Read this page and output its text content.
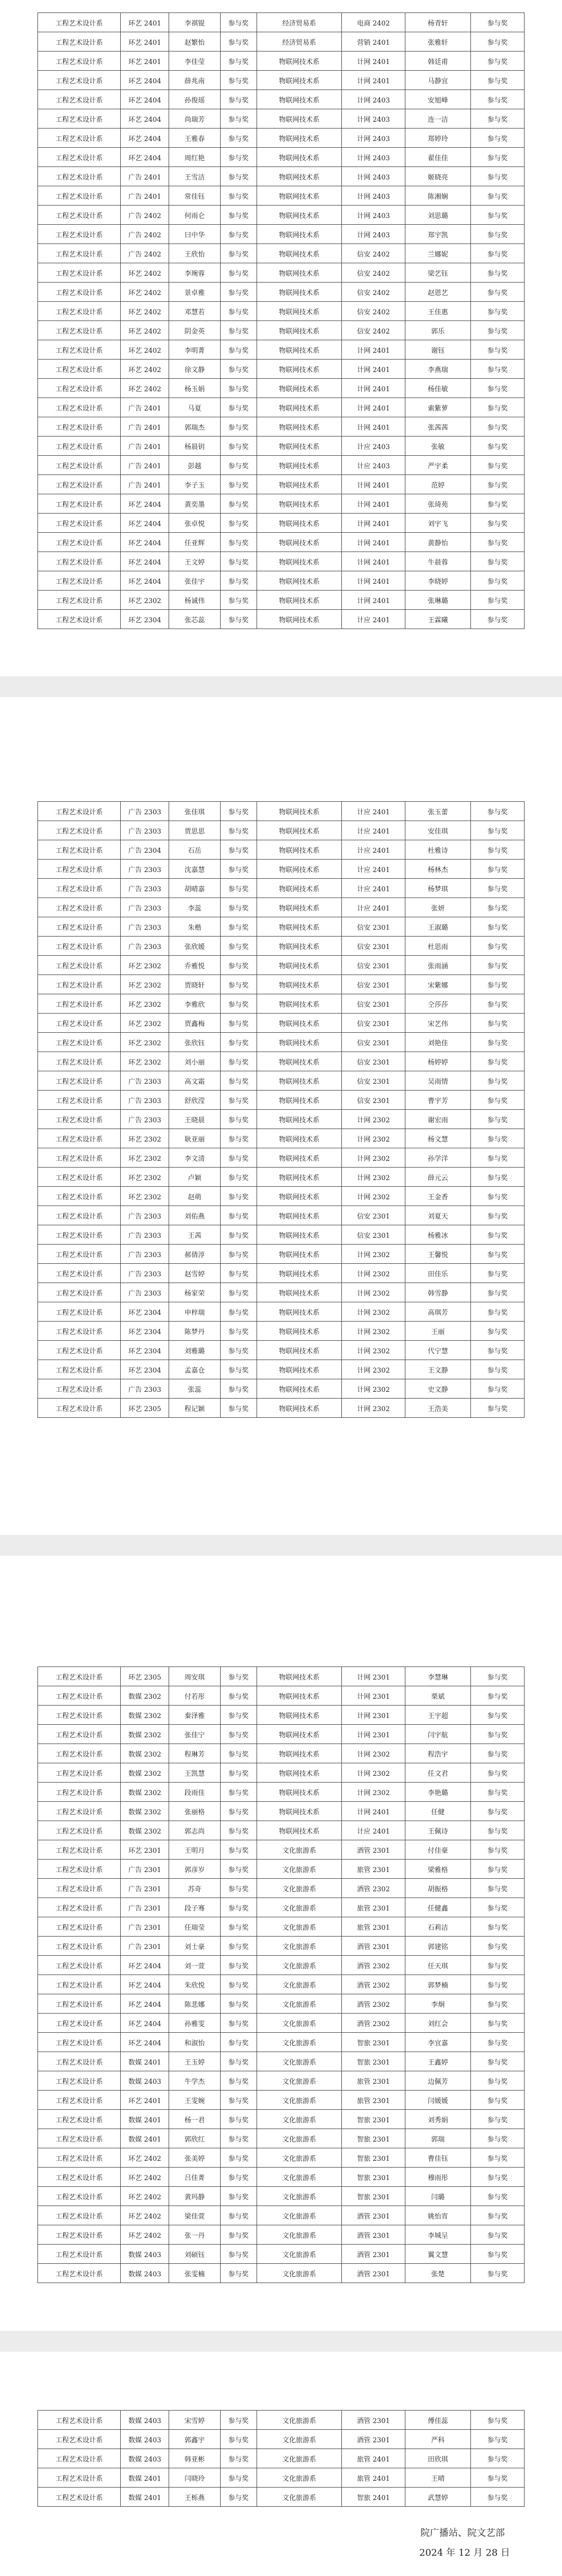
工程艺术设计系	环艺 2401	李祺锟	参与奖	经济贸易系	电商 2402	杨青轩	参与奖
工程艺术设计系	环艺 2401	赵繁怡	参与奖	经济贸易系	营销 2401	张雅轩	参与奖
工程艺术设计系	环艺 2401	李佳莹	参与奖	物联网技术系	计网 2401	韩廷甫	参与奖
工程艺术设计系	环艺 2404	薛兆南	参与奖	物联网技术系	计网 2401	马静宜	参与奖
工程艺术设计系	环艺 2404	孙俊瑶	参与奖	物联网技术系	计网 2403	安旭峰	参与奖
工程艺术设计系	环艺 2404	尚瑞芳	参与奖	物联网技术系	计网 2403	连一洁	参与奖
工程艺术设计系	环艺 2404	王雅春	参与奖	物联网技术系	计网 2403	郑婷玲	参与奖
工程艺术设计系	环艺 2404	周红艳	参与奖	物联网技术系	计网 2403	翟佳佳	参与奖
工程艺术设计系	广告 2401	王雪洁	参与奖	物联网技术系	计网 2403	姬晓亮	参与奖
工程艺术设计系	广告 2401	常佳钰	参与奖	物联网技术系	计网 2403	陈湘娴	参与奖
工程艺术设计系	广告 2402	何雨仑	参与奖	物联网技术系	计网 2403	刘思璐	参与奖
工程艺术设计系	广告 2402	曰中华	参与奖	物联网技术系	计网 2403	郑宇凯	参与奖
工程艺术设计系	广告 2402	王欣怡	参与奖	物联网技术系	信安 2402	兰娜妮	参与奖
工程艺术设计系	环艺 2402	李琬蓉	参与奖	物联网技术系	信安 2402	梁艺钰	参与奖
工程艺术设计系	环艺 2402	景卓雅	参与奖	物联网技术系	信安 2402	赵恩艺	参与奖
工程艺术设计系	环艺 2402	邓慧若	参与奖	物联网技术系	信安 2402	王佳惠	参与奖
工程艺术设计系	环艺 2402	阴金英	参与奖	物联网技术系	信安 2402	郭乐	参与奖
工程艺术设计系	环艺 2402	李明菁	参与奖	物联网技术系	计网 2401	谢钰	参与奖
工程艺术设计系	环艺 2402	徐文静	参与奖	物联网技术系	计网 2401	李燕瑞	参与奖
工程艺术设计系	环艺 2402	杨玉娟	参与奖	物联网技术系	计网 2401	杨佳敏	参与奖
工程艺术设计系	广告 2401	马夏	参与奖	物联网技术系	计网 2401	索紫萝	参与奖
工程艺术设计系	广告 2401	郭瑞杰	参与奖	物联网技术系	计网 2401	张茜茜	参与奖
工程艺术设计系	广告 2401	杨晨钥	参与奖	物联网技术系	计应 2403	张敏	参与奖
工程艺术设计系	广告 2401	彭越	参与奖	物联网技术系	计应 2403	严宇柔	参与奖
工程艺术设计系	广告 2401	李子玉	参与奖	物联网技术系	计网 2401	范婷	参与奖
工程艺术设计系	环艺 2404	黄奕墨	参与奖	物联网技术系	计网 2401	张琦苑	参与奖
工程艺术设计系	环艺 2404	张卓悦	参与奖	物联网技术系	计网 2401	刘宇飞	参与奖
工程艺术设计系	环艺 2404	任亚辉	参与奖	物联网技术系	计网 2401	黄静怡	参与奖
工程艺术设计系	环艺 2404	王文婷	参与奖	物联网技术系	计网 2401	牛晨蓉	参与奖
工程艺术设计系	环艺 2404	张佳宇	参与奖	物联网技术系	计网 2401	李晓婷	参与奖
工程艺术设计系	环艺 2302	杨诚伟	参与奖	物联网技术系	计网 2401	张琳璐	参与奖
工程艺术设计系	环艺 2304	张芯蕊	参与奖	物联网技术系	计应 2401	王霖曦	参与奖
工程艺术设计系	广告 2303	张佳琪	参与奖	物联网技术系	计应 2401	张玉蕾	参与奖
工程艺术设计系	广告 2303	贾思思	参与奖	物联网技术系	计应 2401	安佳琪	参与奖
工程艺术设计系	广告 2304	石岳	参与奖	物联网技术系	计应 2401	杜雅诗	参与奖
工程艺术设计系	广告 2303	沈嘉慧	参与奖	物联网技术系	计应 2401	杨林杰	参与奖
工程艺术设计系	广告 2303	胡晴嘉	参与奖	物联网技术系	计应 2401	杨梦琪	参与奖
工程艺术设计系	广告 2303	李蕊	参与奖	物联网技术系	计应 2401	张妍	参与奖
工程艺术设计系	广告 2303	朱楷	参与奖	物联网技术系	信安 2301	王淑璐	参与奖
工程艺术设计系	广告 2303	张欣媛	参与奖	物联网技术系	信安 2301	杜思雨	参与奖
工程艺术设计系	环艺 2302	乔雅悦	参与奖	物联网技术系	信安 2301	张雨涵	参与奖
工程艺术设计系	环艺 2302	贾晓轩	参与奖	物联网技术系	信安 2301	宋紫娜	参与奖
工程艺术设计系	环艺 2302	李雅欣	参与奖	物联网技术系	信安 2301	仝莎莎	参与奖
工程艺术设计系	环艺 2302	贾鑫梅	参与奖	物联网技术系	信安 2301	宋艺伟	参与奖
工程艺术设计系	环艺 2302	张欣钰	参与奖	物联网技术系	信安 2301	刘艳佳	参与奖
工程艺术设计系	环艺 2302	刘小丽	参与奖	物联网技术系	信安 2301	杨婷婷	参与奖
工程艺术设计系	广告 2303	高文霜	参与奖	物联网技术系	信安 2301	吴雨情	参与奖
工程艺术设计系	广告 2303	舒欣滢	参与奖	物联网技术系	信安 2301	曹宇芳	参与奖
工程艺术设计系	广告 2303	王晓晨	参与奖	物联网技术系	计网 2302	谢宏雨	参与奖
工程艺术设计系	环艺 2302	耿亚丽	参与奖	物联网技术系	计网 2302	杨文慧	参与奖
工程艺术设计系	环艺 2302	李文清	参与奖	物联网技术系	计网 2302	孙学洋	参与奖
工程艺术设计系	环艺 2302	卢颖	参与奖	物联网技术系	计网 2302	薛元云	参与奖
工程艺术设计系	环艺 2302	赵萌	参与奖	物联网技术系	计网 2302	王金香	参与奖
工程艺术设计系	广告 2303	刘佑燕	参与奖	物联网技术系	信安 2301	刘夏天	参与奖
工程艺术设计系	广告 2303	王茜	参与奖	物联网技术系	信安 2301	杨雅冰	参与奖
工程艺术设计系	广告 2303	郝倩淳	参与奖	物联网技术系	计网 2302	王馨悦	参与奖
工程艺术设计系	广告 2303	赵雪婷	参与奖	物联网技术系	计网 2302	田佳乐	参与奖
工程艺术设计系	广告 2303	杨家荣	参与奖	物联网技术系	计网 2302	韩雪静	参与奖
工程艺术设计系	环艺 2304	申梓瑞	参与奖	物联网技术系	计网 2302	高琪芳	参与奖
工程艺术设计系	环艺 2304	陈梦丹	参与奖	物联网技术系	计网 2302	王丽	参与奖
工程艺术设计系	环艺 2304	刘雅璐	参与奖	物联网技术系	计网 2302	代宁慧	参与奖
工程艺术设计系	环艺 2304	孟嘉仓	参与奖	物联网技术系	计网 2302	王文静	参与奖
工程艺术设计系	广告 2303	张蕊	参与奖	物联网技术系	计网 2302	史文静	参与奖
工程艺术设计系	环艺 2305	程记颖	参与奖	物联网技术系	计网 2302	王浩美	参与奖
工程艺术设计系	环艺 2305	周安琪	参与奖	物联网技术系	计网 2301	李慧琳	参与奖
工程艺术设计系	数媒 2302	付若彤	参与奖	物联网技术系	计网 2301	栗斌	参与奖
工程艺术设计系	数媒 2302	秦泽雅	参与奖	物联网技术系	计网 2301	王宇超	参与奖
工程艺术设计系	数媒 2302	张佳宁	参与奖	物联网技术系	计网 2301	闫宇航	参与奖
工程艺术设计系	数媒 2302	程琳芳	参与奖	物联网技术系	计网 2302	程浩宇	参与奖
工程艺术设计系	数媒 2302	王凯慧	参与奖	物联网技术系	计网 2302	任文君	参与奖
工程艺术设计系	数媒 2302	段雨佳	参与奖	物联网技术系	计网 2302	李艳璐	参与奖
工程艺术设计系	数媒 2302	张丽格	参与奖	物联网技术系	计网 2401	任健	参与奖
工程艺术设计系	数媒 2302	郭志尚	参与奖	物联网技术系	计应 2401	王佩诗	参与奖
工程艺术设计系	环艺 2301	王明月	参与奖	文化旅游系	酒管 2301	付佳豪	参与奖
工程艺术设计系	广告 2301	郭彦岁	参与奖	文化旅游系	旅管 2301	梁雅格	参与奖
工程艺术设计系	广告 2301	苏奇	参与奖	文化旅游系	酒管 2302	胡振格	参与奖
工程艺术设计系	广告 2301	段子骞	参与奖	文化旅游系	旅管 2301	任健鑫	参与奖
工程艺术设计系	广告 2301	任瑞莹	参与奖	文化旅游系	旅管 2301	石莉洁	参与奖
工程艺术设计系	广告 2301	刘士豪	参与奖	文化旅游系	酒管 2301	郭建铭	参与奖
工程艺术设计系	环艺 2404	刘一萱	参与奖	文化旅游系	酒管 2302	任天琪	参与奖
工程艺术设计系	环艺 2404	朱欣悦	参与奖	文化旅游系	酒管 2302	郭梦楠	参与奖
工程艺术设计系	环艺 2404	陈悲娜	参与奖	文化旅游系	酒管 2302	李炯	参与奖
工程艺术设计系	环艺 2404	孙雅雯	参与奖	文化旅游系	酒管 2302	刘红会	参与奖
工程艺术设计系	环艺 2404	和淑怡	参与奖	文化旅游系	智旅 2301	李宜嘉	参与奖
工程艺术设计系	数媒 2401	王玉婷	参与奖	文化旅游系	智旅 2301	王鑫婷	参与奖
工程艺术设计系	数媒 2403	牛学杰	参与奖	文化旅游系	旅管 2301	边佩芳	参与奖
工程艺术设计系	环艺 2401	王雯婉	参与奖	文化旅游系	旅管 2301	闫媛媛	参与奖
工程艺术设计系	数媒 2401	杨一君	参与奖	文化旅游系	智旅 2301	刘秀娟	参与奖
工程艺术设计系	数媒 2401	郭欣红	参与奖	文化旅游系	智旅 2301	郭瑞	参与奖
工程艺术设计系	环艺 2402	张美婷	参与奖	文化旅游系	智旅 2301	曹佳钰	参与奖
工程艺术设计系	环艺 2402	吕佳菁	参与奖	文化旅游系	智旅 2301	穆雨彤	参与奖
工程艺术设计系	环艺 2402	黄玛静	参与奖	文化旅游系	智旅 2301	闫璐	参与奖
工程艺术设计系	环艺 2402	梁佳萱	参与奖	文化旅游系	酒管 2301	姚怡宵	参与奖
工程艺术设计系	环艺 2402	张一丹	参与奖	文化旅游系	酒管 2301	李城呈	参与奖
工程艺术设计系	数媒 2403	刘硕钰	参与奖	文化旅游系	酒管 2301	翼文慧	参与奖
工程艺术设计系	数媒 2403	张雯楠	参与奖	文化旅游系	酒管 2301	张楚	参与奖
工程艺术设计系	数媒 2403	宋雪婷	参与奖	文化旅游系	酒管 2301	傅佳蕊	参与奖
工程艺术设计系	数媒 2403	郭鑫宇	参与奖	文化旅游系	酒管 2301	严科	参与奖
工程艺术设计系	数媒 2403	韩亚彬	参与奖	文化旅游系	旅管 2401	田欣琪	参与奖
工程艺术设计系	数媒 2401	闫晓玲	参与奖	文化旅游系	旅管 2401	王晴	参与奖
工程艺术设计系	数媒 2401	王栎燕	参与奖	文化旅游系	智旅 2401	武慧婷	参与奖
院广播站、院文艺部
2024 年 12 月 28 日
